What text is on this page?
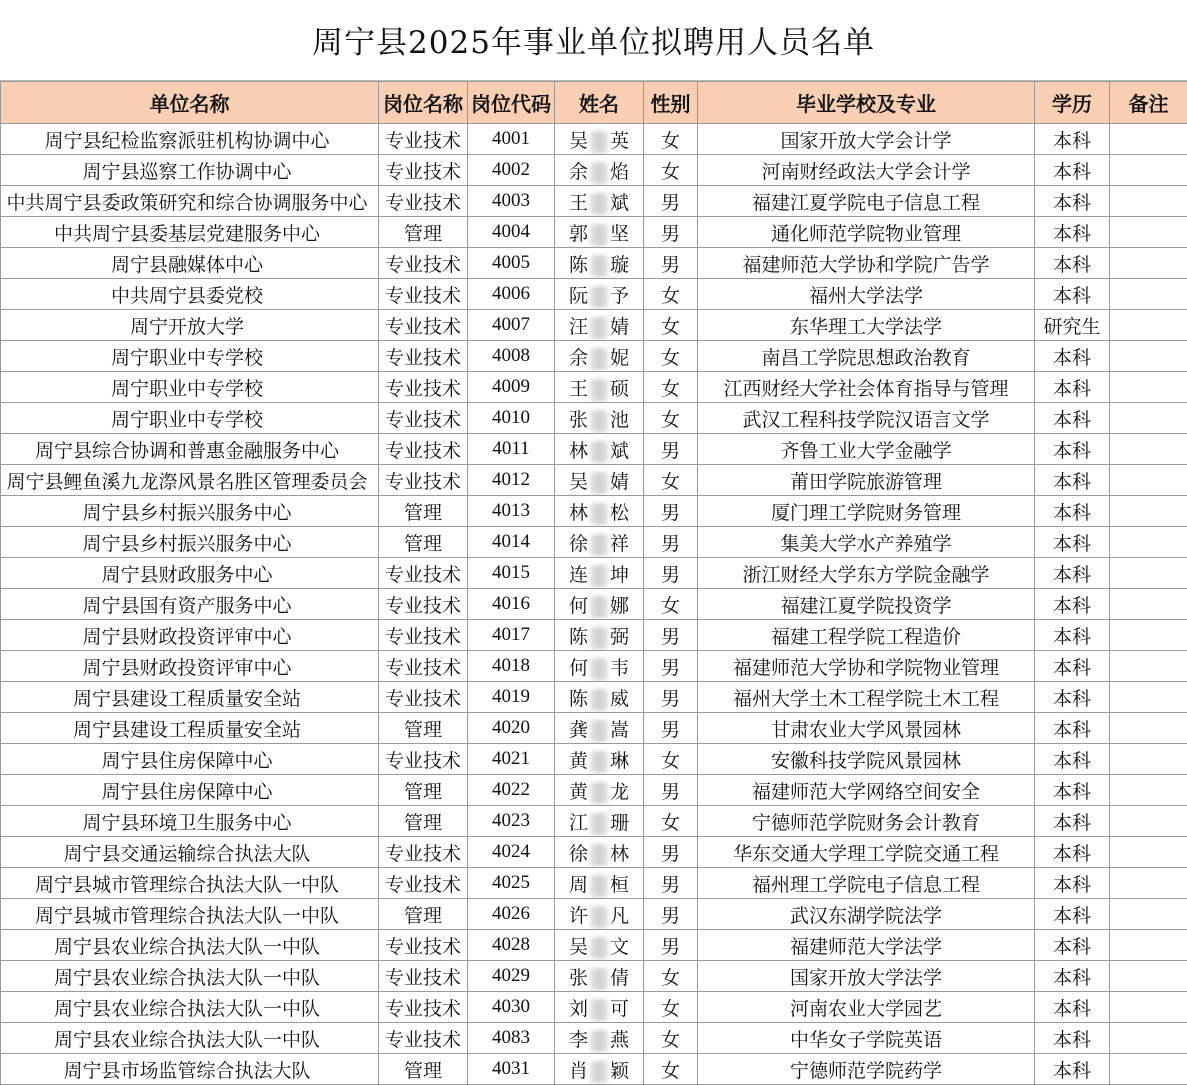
周宁县2025年事业单位拟聘用人员名单
单位名称	岗位名称	岗位代码	姓名	性别	毕业学校及专业	学历	备注

周宁县纪检监察派驻机构协调中心	专业技术	4001	吴 英	女	国家开放大学会计学	本科	

周宁县巡察工作协调中心	专业技术	4002	余 焰	女	河南财经政法大学会计学	本科	

中共周宁县委政策研究和综合协调服务中心	专业技术	4003	王 斌	男	福建江夏学院电子信息工程	本科	

中共周宁县委基层党建服务中心	管理	4004	郭 坚	男	通化师范学院物业管理	本科	

周宁县融媒体中心	专业技术	4005	陈 璇	男	福建师范大学协和学院广告学	本科	

中共周宁县委党校	专业技术	4006	阮 予	女	福州大学法学	本科	

周宁开放大学	专业技术	4007	汪 婧	女	东华理工大学法学	研究生	

周宁职业中专学校	专业技术	4008	余 妮	女	南昌工学院思想政治教育	本科	

周宁职业中专学校	专业技术	4009	王 硕	女	江西财经大学社会体育指导与管理	本科	

周宁职业中专学校	专业技术	4010	张 池	女	武汉工程科技学院汉语言文学	本科	

周宁县综合协调和普惠金融服务中心	专业技术	4011	林 斌	男	齐鲁工业大学金融学	本科	

周宁县鲤鱼溪九龙漈风景名胜区管理委员会	专业技术	4012	吴 婧	女	莆田学院旅游管理	本科	

周宁县乡村振兴服务中心	管理	4013	林 松	男	厦门理工学院财务管理	本科	

周宁县乡村振兴服务中心	管理	4014	徐 祥	男	集美大学水产养殖学	本科	

周宁县财政服务中心	专业技术	4015	连 坤	男	浙江财经大学东方学院金融学	本科	

周宁县国有资产服务中心	专业技术	4016	何 娜	女	福建江夏学院投资学	本科	

周宁县财政投资评审中心	专业技术	4017	陈 弼	男	福建工程学院工程造价	本科	

周宁县财政投资评审中心	专业技术	4018	何 韦	男	福建师范大学协和学院物业管理	本科	

周宁县建设工程质量安全站	专业技术	4019	陈 威	男	福州大学土木工程学院土木工程	本科	

周宁县建设工程质量安全站	管理	4020	龚 嵩	男	甘肃农业大学风景园林	本科	

周宁县住房保障中心	专业技术	4021	黄 琳	女	安徽科技学院风景园林	本科	

周宁县住房保障中心	管理	4022	黄 龙	男	福建师范大学网络空间安全	本科	

周宁县环境卫生服务中心	管理	4023	江 珊	女	宁德师范学院财务会计教育	本科	

周宁县交通运输综合执法大队	专业技术	4024	徐 林	男	华东交通大学理工学院交通工程	本科	

周宁县城市管理综合执法大队一中队	专业技术	4025	周 桓	男	福州理工学院电子信息工程	本科	

周宁县城市管理综合执法大队一中队	管理	4026	许 凡	男	武汉东湖学院法学	本科	

周宁县农业综合执法大队一中队	专业技术	4028	吴 文	男	福建师范大学法学	本科	

周宁县农业综合执法大队一中队	专业技术	4029	张 倩	女	国家开放大学法学	本科	

周宁县农业综合执法大队一中队	专业技术	4030	刘 可	女	河南农业大学园艺	本科	

周宁县农业综合执法大队一中队	专业技术	4083	李 燕	女	中华女子学院英语	本科	

周宁县市场监管综合执法大队	管理	4031	肖 颖	女	宁德师范学院药学	本科	
